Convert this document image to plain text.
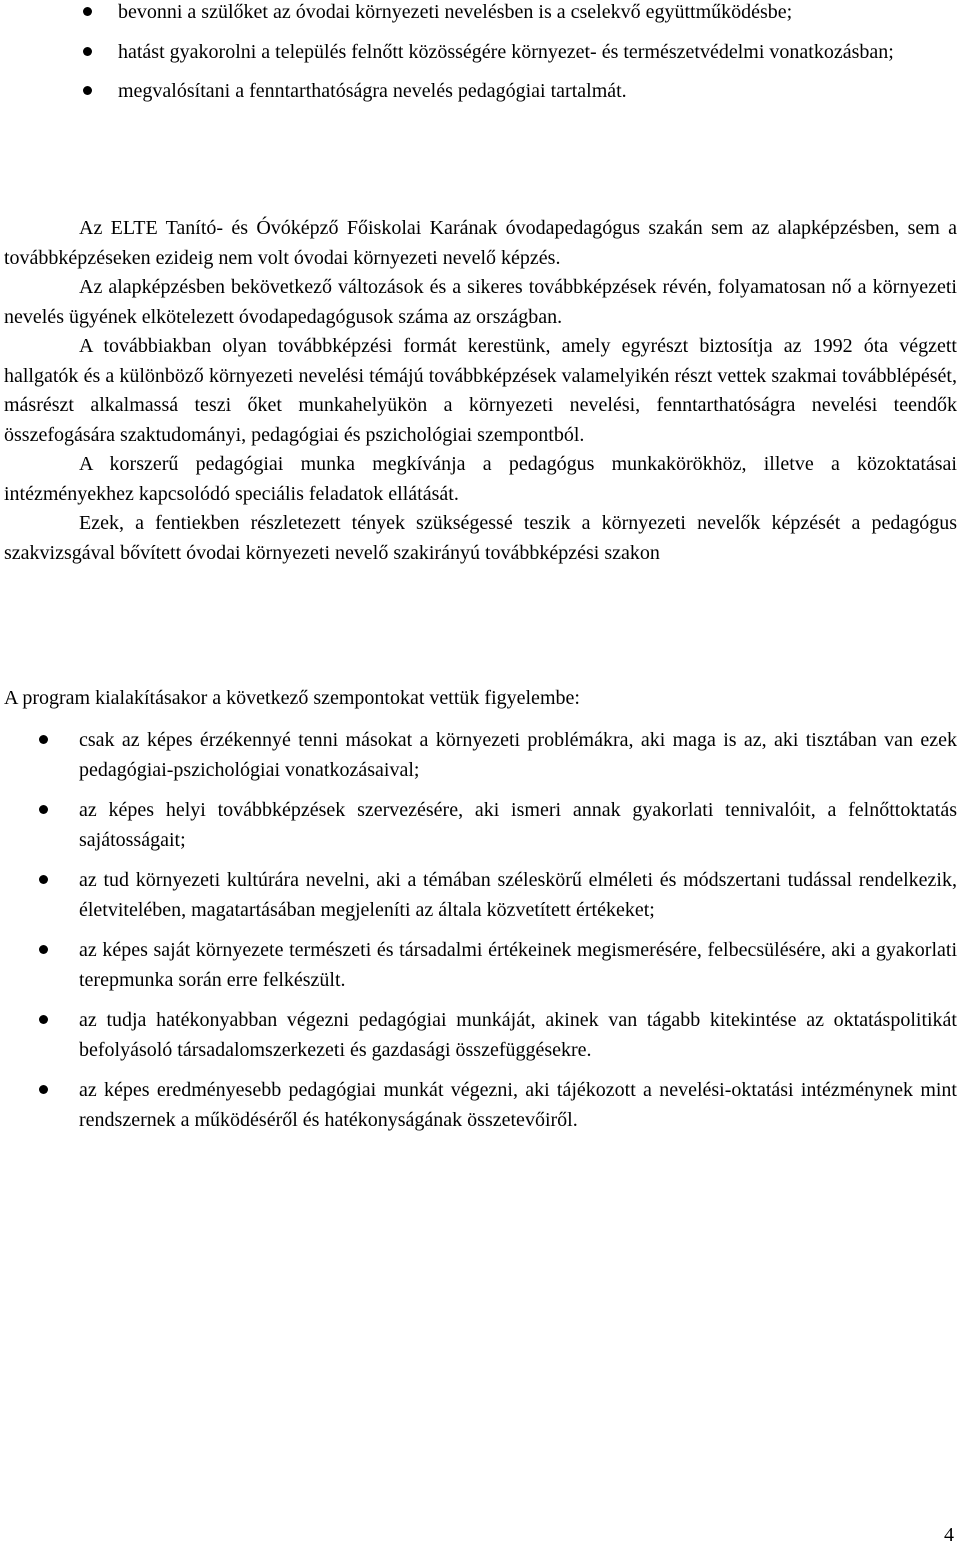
bevonni a szülőket az óvodai környezeti nevelésben is a cselekvő együttműködésbe;
hatást gyakorolni a település felnőtt közösségére környezet- és természetvédelmi vonatkozásban;
megvalósítani a fenntarthatóságra nevelés pedagógiai tartalmát.

Az ELTE Tanító- és Óvóképző Főiskolai Karának óvodapedagógus szakán sem az alapképzésben, sem a továbbképzéseken ezideig nem volt óvodai környezeti nevelő képzés.

Az alapképzésben bekövetkező változások és a sikeres továbbképzések révén, folyamatosan nő a környezeti nevelés ügyének elkötelezett óvodapedagógusok száma az országban.

A továbbiakban olyan továbbképzési formát kerestünk, amely egyrészt biztosítja az 1992 óta végzett hallgatók és a különböző környezeti nevelési témájú továbbképzések valamelyikén részt vettek szakmai továbblépését, másrészt alkalmassá teszi őket munkahelyükön a környezeti nevelési, fenntarthatóságra nevelési teendők összefogására szaktudományi, pedagógiai és pszichológiai szempontból.

A korszerű pedagógiai munka megkívánja a pedagógus munkakörökhöz, illetve a közoktatásai intézményekhez kapcsolódó speciális feladatok ellátását.

Ezek, a fentiekben részletezett tények szükségessé teszik a környezeti nevelők képzését a pedagógus szakvizsgával bővített óvodai környezeti nevelő szakirányú továbbképzési szakon

A program kialakításakor a következő szempontokat vettük figyelembe:

csak az képes érzékennyé tenni másokat a környezeti problémákra, aki maga is az, aki tisztában van ezek pedagógiai-pszichológiai vonatkozásaival;
az képes helyi továbbképzések szervezésére, aki ismeri annak gyakorlati tennivalóit, a felnőttoktatás sajátosságait;
az tud környezeti kultúrára nevelni, aki a témában széleskörű elméleti és módszertani tudással rendelkezik, életvitelében, magatartásában megjeleníti az általa közvetített értékeket;
az képes saját környezete természeti és társadalmi értékeinek megismerésére, felbecsülésére, aki a gyakorlati terepmunka során erre felkészült.
az tudja hatékonyabban végezni pedagógiai munkáját, akinek van tágabb kitekintése az oktatáspolitikát befolyásoló társadalomszerkezeti és gazdasági összefüggésekre.
az képes eredményesebb pedagógiai munkát végezni, aki tájékozott a nevelési-oktatási intézménynek mint rendszernek a működéséről és hatékonyságának összetevőiről.
4
